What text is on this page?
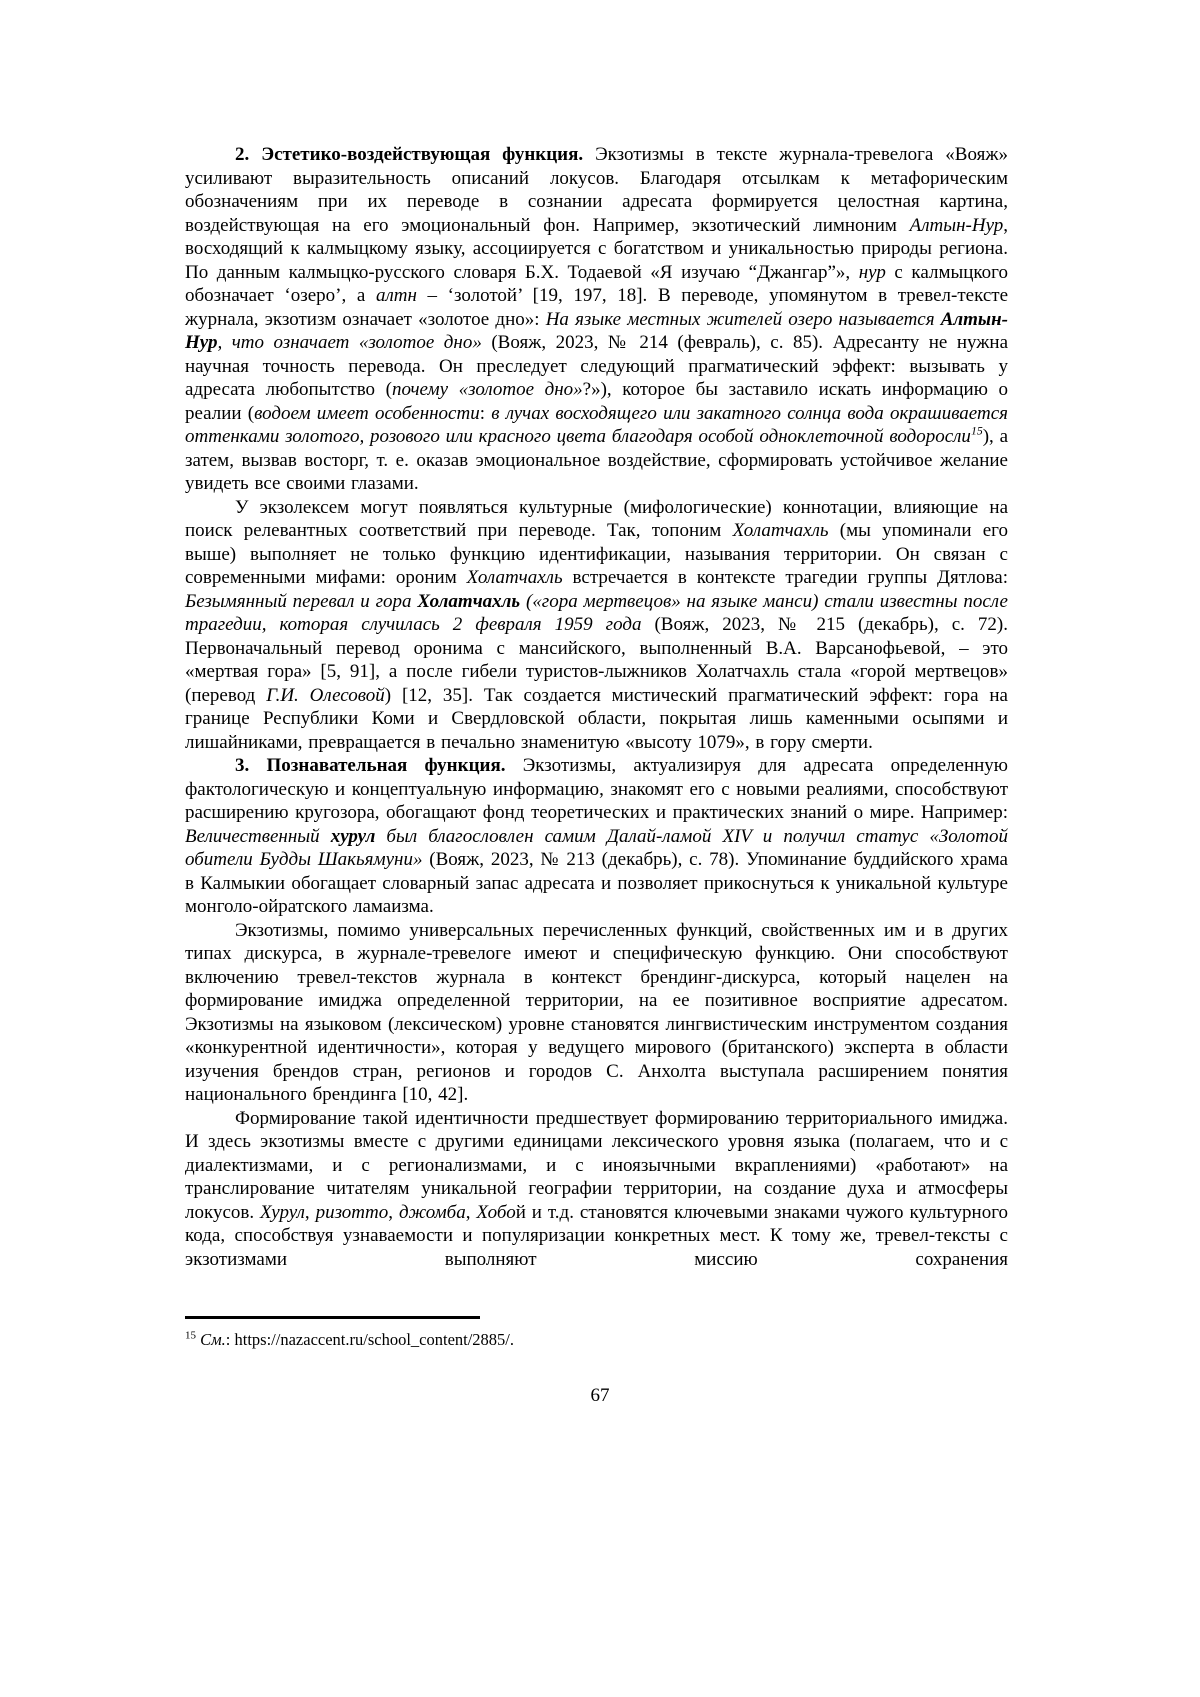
2. Эстетико-воздействующая функция. Экзотизмы в тексте журнала-тревелога «Вояж» усиливают выразительность описаний локусов. Благодаря отсылкам к метафорическим обозначениям при их переводе в сознании адресата формируется целостная картина, воздействующая на его эмоциональный фон. Например, экзотический лимноним Алтын-Нур, восходящий к калмыцкому языку, ассоциируется с богатством и уникальностью природы региона. По данным калмыцко-русского словаря Б.Х. Тодаевой «Я изучаю “Джангар”», нур с калмыцкого обозначает ‘озеро’, а алтн – ‘золотой’ [19, 197, 18]. В переводе, упомянутом в тревел-тексте журнала, экзотизм означает «золотое дно»: На языке местных жителей озеро называется Алтын-Нур, что означает «золотое дно» (Вояж, 2023, № 214 (февраль), с. 85). Адресанту не нужна научная точность перевода. Он преследует следующий прагматический эффект: вызывать у адресата любопытство (почему «золотое дно»?»), которое бы заставило искать информацию о реалии (водоем имеет особенности: в лучах восходящего или закатного солнца вода окрашивается оттенками золотого, розового или красного цвета благодаря особой одноклеточной водоросли$^{15}$), а затем, вызвав восторг, т. е. оказав эмоциональное воздействие, сформировать устойчивое желание увидеть все своими глазами.

У экзолексем могут появляться культурные (мифологические) коннотации, влияющие на поиск релевантных соответствий при переводе. Так, топоним Холатчахль (мы упоминали его выше) выполняет не только функцию идентификации, называния территории. Он связан с современными мифами: ороним Холатчахль встречается в контексте трагедии группы Дятлова: Безымянный перевал и гора Холатчахль («гора мертвецов» на языке манси) стали известны после трагедии, которая случилась 2 февраля 1959 года (Вояж, 2023, № 215 (декабрь), с. 72). Первоначальный перевод оронима с мансийского, выполненный В.А. Варсанофьевой, – это «мертвая гора» [5, 91], а после гибели туристов-лыжников Холатчахль стала «горой мертвецов» (перевод Г.И. Олесовой) [12, 35]. Так создается мистический прагматический эффект: гора на границе Республики Коми и Свердловской области, покрытая лишь каменными осыпями и лишайниками, превращается в печально знаменитую «высоту 1079», в гору смерти.

3. Познавательная функция. Экзотизмы, актуализируя для адресата определенную фактологическую и концептуальную информацию, знакомят его с новыми реалиями, способствуют расширению кругозора, обогащают фонд теоретических и практических знаний о мире. Например: Величественный хурул был благословлен самим Далай-ламой XIV и получил статус «Золотой обители Будды Шакьямуни» (Вояж, 2023, № 213 (декабрь), с. 78). Упоминание буддийского храма в Калмыкии обогащает словарный запас адресата и позволяет прикоснуться к уникальной культуре монголо-ойратского ламаизма.

Экзотизмы, помимо универсальных перечисленных функций, свойственных им и в других типах дискурса, в журнале-тревелоге имеют и специфическую функцию. Они способствуют включению тревел-текстов журнала в контекст брендинг-дискурса, который нацелен на формирование имиджа определенной территории, на ее позитивное восприятие адресатом. Экзотизмы на языковом (лексическом) уровне становятся лингвистическим инструментом создания «конкурентной идентичности», которая у ведущего мирового (британского) эксперта в области изучения брендов стран, регионов и городов С. Анхолта выступала расширением понятия национального брендинга [10, 42].

Формирование такой идентичности предшествует формированию территориального имиджа. И здесь экзотизмы вместе с другими единицами лексического уровня языка (полагаем, что и с диалектизмами, и с регионализмами, и с иноязычными вкраплениями) «работают» на транслирование читателям уникальной географии территории, на создание духа и атмосферы локусов. Хурул, ризотто, джомба, Хобой и т.д. становятся ключевыми знаками чужого культурного кода, способствуя узнаваемости и популяризации конкретных мест. К тому же, тревел-тексты с экзотизмами выполняют миссию сохранения

$^{15}$ См.: https://nazaccent.ru/school_content/2885/.

67
